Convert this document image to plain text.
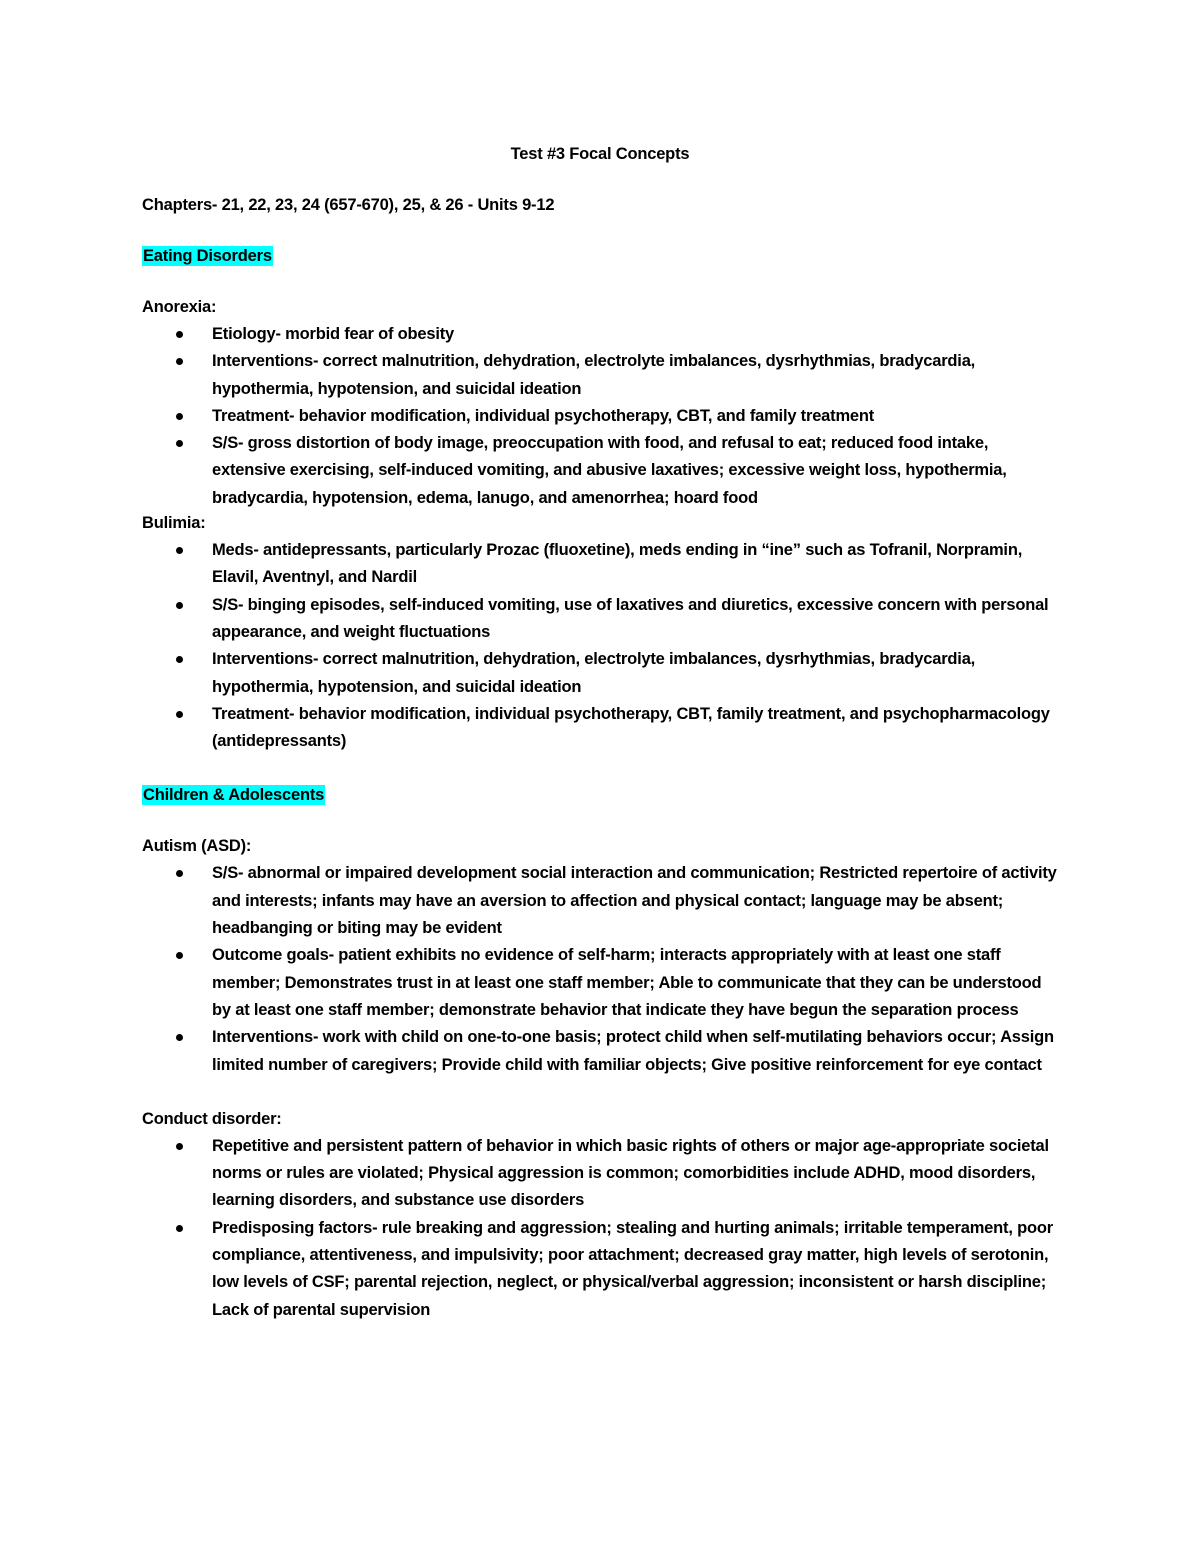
Test #3 Focal Concepts
Chapters- 21, 22, 23, 24 (657-670), 25, & 26 - Units 9-12
Eating Disorders
Anorexia:
Etiology- morbid fear of obesity
Interventions- correct malnutrition, dehydration, electrolyte imbalances, dysrhythmias, bradycardia, hypothermia, hypotension, and suicidal ideation
Treatment- behavior modification, individual psychotherapy, CBT, and family treatment
S/S- gross distortion of body image, preoccupation with food, and refusal to eat; reduced food intake, extensive exercising, self-induced vomiting, and abusive laxatives; excessive weight loss, hypothermia, bradycardia, hypotension, edema, lanugo, and amenorrhea; hoard food
Bulimia:
Meds- antidepressants, particularly Prozac (fluoxetine), meds ending in “ine” such as Tofranil, Norpramin, Elavil, Aventnyl, and Nardil
S/S- binging episodes, self-induced vomiting, use of laxatives and diuretics, excessive concern with personal appearance, and weight fluctuations
Interventions- correct malnutrition, dehydration, electrolyte imbalances, dysrhythmias, bradycardia, hypothermia, hypotension, and suicidal ideation
Treatment- behavior modification, individual psychotherapy, CBT, family treatment, and psychopharmacology (antidepressants)
Children & Adolescents
Autism (ASD):
S/S- abnormal or impaired development social interaction and communication; Restricted repertoire of activity and interests; infants may have an aversion to affection and physical contact; language may be absent; headbanging or biting may be evident
Outcome goals- patient exhibits no evidence of self-harm; interacts appropriately with at least one staff member; Demonstrates trust in at least one staff member; Able to communicate that they can be understood by at least one staff member; demonstrate behavior that indicate they have begun the separation process
Interventions- work with child on one-to-one basis; protect child when self-mutilating behaviors occur; Assign limited number of caregivers; Provide child with familiar objects; Give positive reinforcement for eye contact
Conduct disorder:
Repetitive and persistent pattern of behavior in which basic rights of others or major age-appropriate societal norms or rules are violated; Physical aggression is common; comorbidities include ADHD, mood disorders, learning disorders, and substance use disorders
Predisposing factors- rule breaking and aggression; stealing and hurting animals; irritable temperament, poor compliance, attentiveness, and impulsivity; poor attachment; decreased gray matter, high levels of serotonin, low levels of CSF; parental rejection, neglect, or physical/verbal aggression; inconsistent or harsh discipline; Lack of parental supervision
